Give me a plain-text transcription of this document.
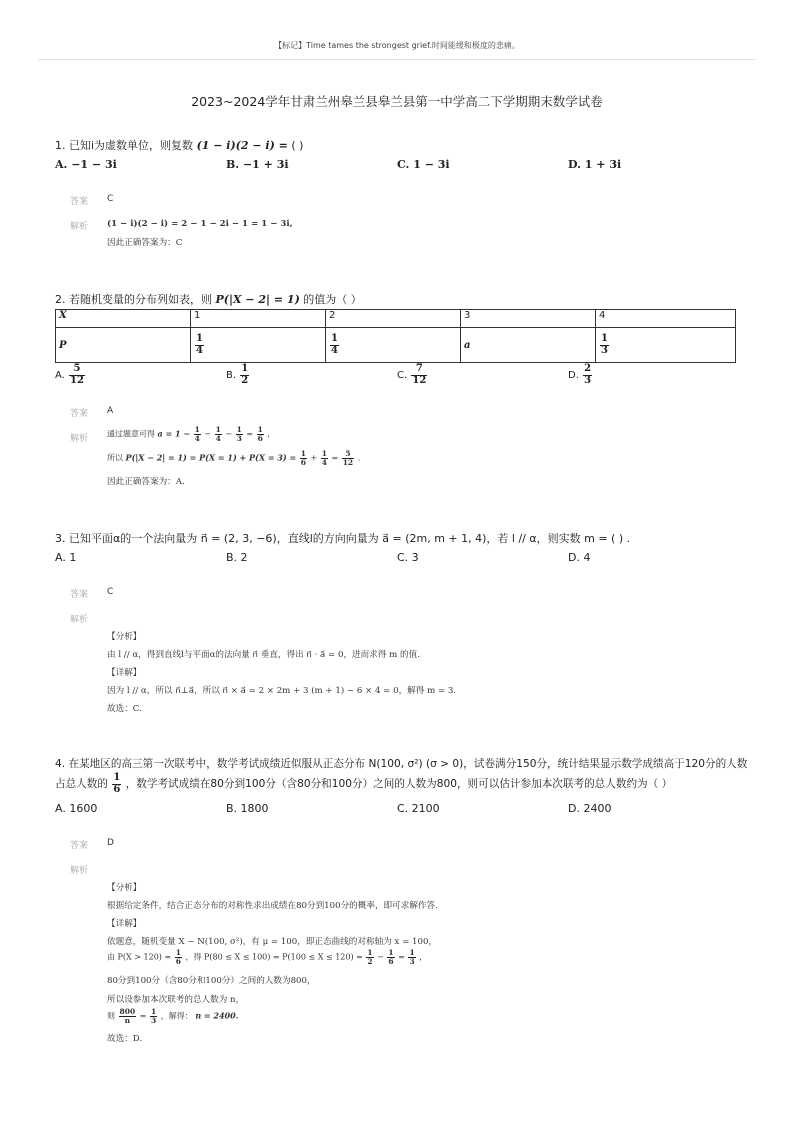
【标记】Time tames the strongest grief.时间能缓和极度的悲痛。
2023~2024学年甘肃兰州皋兰县皋兰县第一中学高二下学期期末数学试卷
1. 已知i为虚数单位，则复数 (1 − i)(2 − i) = ( )
A. −1 − 3i	B. −1 + 3i	C. 1 − 3i	D. 1 + 3i
答案 C
解析 (1 − i)(2 − i) = 2 − 1 − 2i − 1 = 1 − 3i,
因此正确答案为：C
2. 若随机变量的分布列如表，则 P(|X − 2| = 1) 的值为（ ）
X	1	2	3	4
P	$\frac{1}{4}$	$\frac{1}{4}$	a	$\frac{1}{3}$
A. $\frac{5}{12}$	B. $\frac{1}{2}$	C. $\frac{7}{12}$	D. $\frac{2}{3}$
答案 A
解析
通过题意可得 $a = 1 - \frac{1}{4} - \frac{1}{4} - \frac{1}{3} = \frac{1}{6}$ ,
所以 $P(|X - 2| = 1) = P(X = 1) + P(X = 3) = \frac{1}{6} + \frac{1}{4} = \frac{5}{12}$ .
因此正确答案为：A.
3. 已知平面α的一个法向量为 n⃗ = (2, 3, −6)，直线l的方向向量为 a⃗ = (2m, m + 1, 4)，若 l // α，则实数 m = ( ) .
A. 1	B. 2	C. 3	D. 4
答案 C
解析
【分析】
由 l // α，得到直线l与平面α的法向量 n⃗ 垂直，得出 n⃗ · a⃗ = 0，进而求得 m 的值.
【详解】
因为 l // α，所以 n⃗⊥a⃗，所以 n⃗ × a⃗ = 2 × 2m + 3 (m + 1) − 6 × 4 = 0，解得 m = 3.
故选：C.
4. 在某地区的高三第一次联考中，数学考试成绩近似服从正态分布 N(100, σ²) (σ > 0)，试卷满分150分，统计结果显示数学成绩高于120分的人数
占总人数的 $\frac{1}{6}$ ，数学考试成绩在80分到100分（含80分和100分）之间的人数为800，则可以估计参加本次联考的总人数约为（ ）
A. 1600	B. 1800	C. 2100	D. 2400
答案 D
解析
【分析】
根据给定条件，结合正态分布的对称性求出成绩在80分到100分的概率，即可求解作答.
【详解】
依题意，随机变量 X ~ N(100, σ²)，有 μ = 100，即正态曲线的对称轴为 x = 100，
由 $P(X > 120) = \frac{1}{6}$ ，得 $P(80 \le X \le 100) = P(100 \le X \le 120) = \frac{1}{2} - \frac{1}{6} = \frac{1}{3}$ ，
80分到100分（含80分和100分）之间的人数为800，
所以设参加本次联考的总人数为 n，
则 $\frac{800}{n} = \frac{1}{3}$ ，解得： n = 2400.
故选：D.
